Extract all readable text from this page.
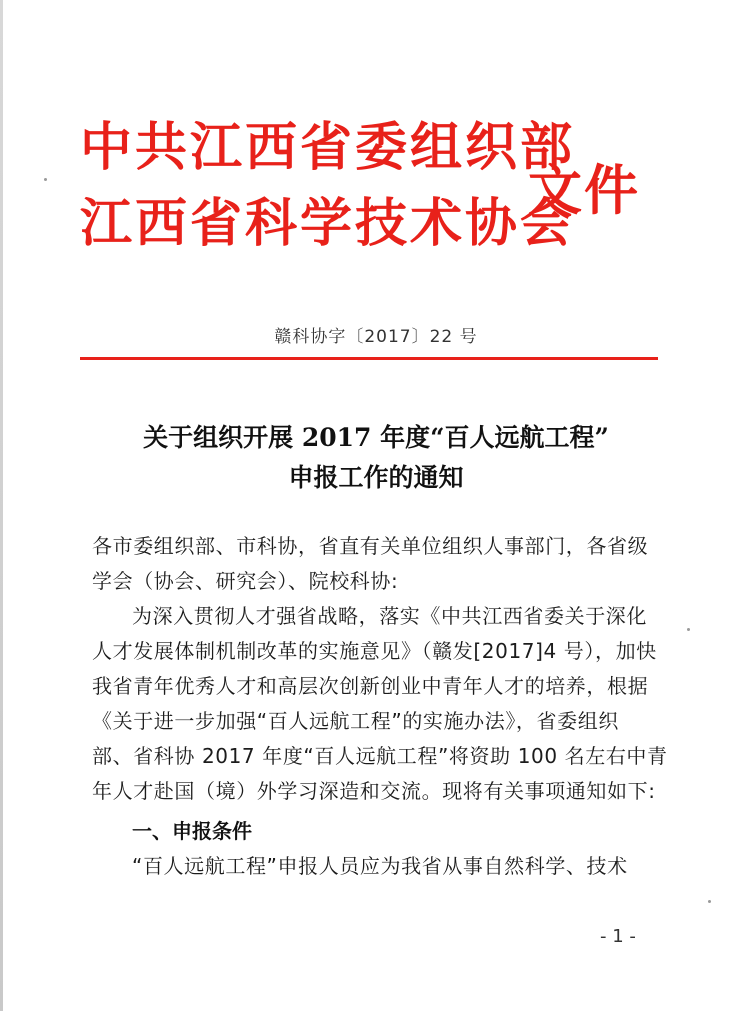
中共江西省委组织部
江西省科学技术协会
文件
赣科协字〔2017〕22 号
关于组织开展 2017 年度“百人远航工程”
申报工作的通知
各市委组织部、市科协，省直有关单位组织人事部门，各省级
学会（协会、研究会）、院校科协:
为深入贯彻人才强省战略，落实《中共江西省委关于深化
人才发展体制机制改革的实施意见》（赣发[2017]4 号），加快
我省青年优秀人才和高层次创新创业中青年人才的培养，根据
《关于进一步加强“百人远航工程”的实施办法》，省委组织
部、省科协 2017 年度“百人远航工程”将资助 100 名左右中青
年人才赴国（境）外学习深造和交流。现将有关事项通知如下:
一、申报条件
“百人远航工程”申报人员应为我省从事自然科学、技术
- 1 -
